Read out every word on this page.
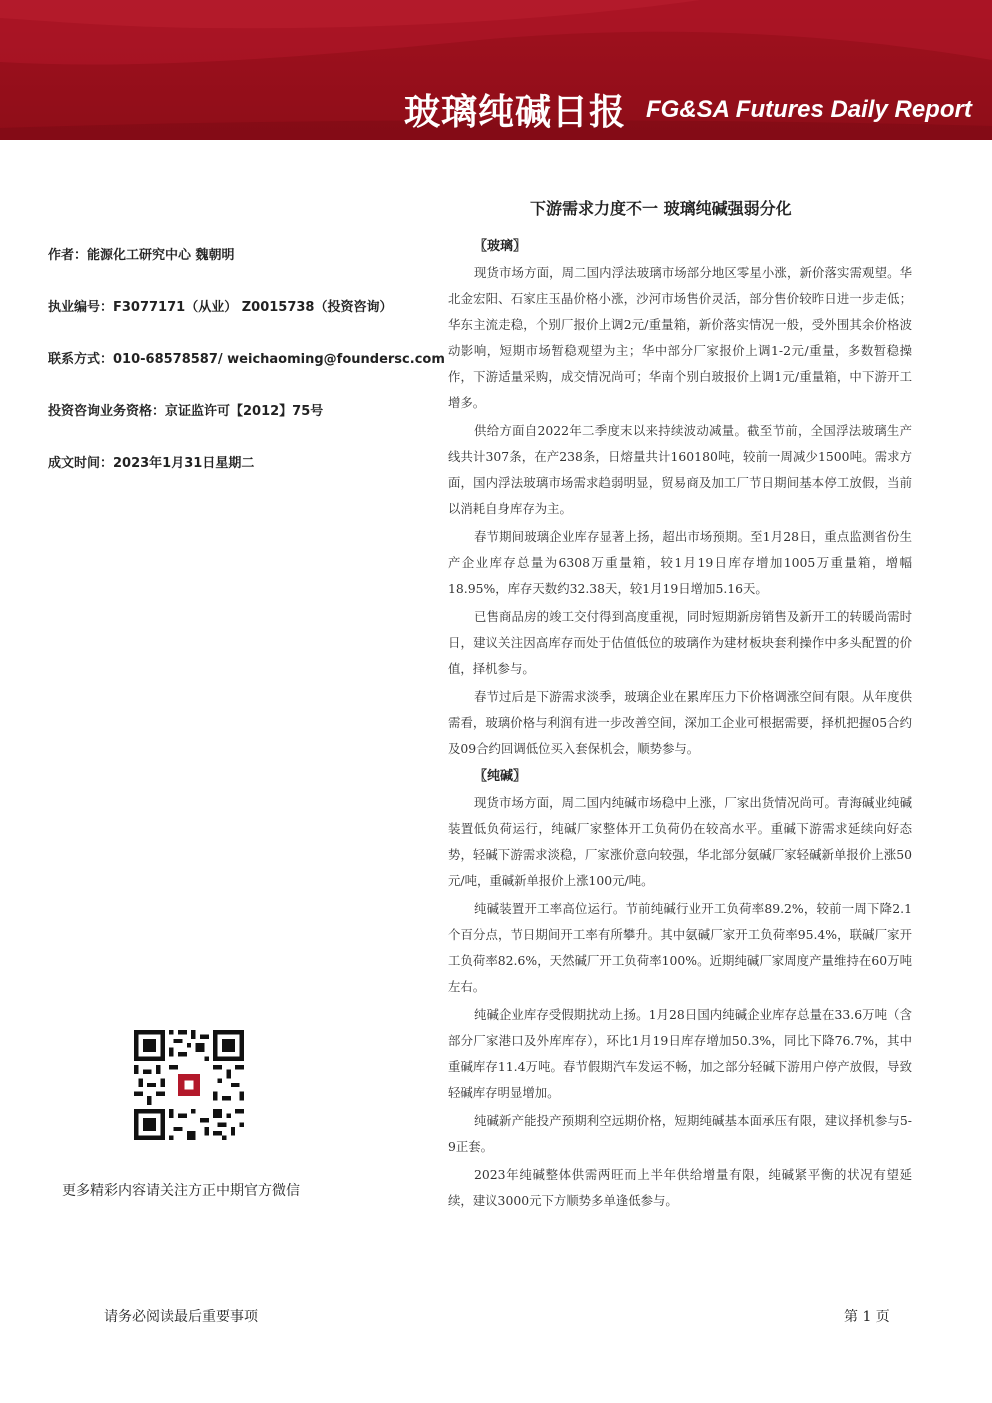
玻璃纯碱日报 FG&SA Futures Daily Report
下游需求力度不一 玻璃纯碱强弱分化
作者：能源化工研究中心 魏朝明
执业编号：F3077171（从业） Z0015738（投资咨询）
联系方式：010-68578587/ weichaoming@foundersc.com
投资咨询业务资格：京证监许可【2012】75号
成文时间：2023年1月31日星期二
〖玻璃〗

现货市场方面，周二国内浮法玻璃市场部分地区零星小涨，新价落实需观望。华北金宏阳、石家庄玉晶价格小涨，沙河市场售价灵活，部分售价较昨日进一步走低；华东主流走稳，个别厂报价上调2元/重量箱，新价落实情况一般，受外围其余价格波动影响，短期市场暂稳观望为主；华中部分厂家报价上调1-2元/重量，多数暂稳操作，下游适量采购，成交情况尚可；华南个别白玻报价上调1元/重量箱，中下游开工增多。

供给方面自2022年二季度末以来持续波动减量。截至节前，全国浮法玻璃生产线共计307条，在产238条，日熔量共计160180吨，较前一周减少1500吨。需求方面，国内浮法玻璃市场需求趋弱明显，贸易商及加工厂节日期间基本停工放假，当前以消耗自身库存为主。

春节期间玻璃企业库存显著上扬，超出市场预期。至1月28日，重点监测省份生产企业库存总量为6308万重量箱，较1月19日库存增加1005万重量箱，增幅18.95%，库存天数约32.38天，较1月19日增加5.16天。

已售商品房的竣工交付得到高度重视，同时短期新房销售及新开工的转暖尚需时日，建议关注因高库存而处于估值低位的玻璃作为建材板块套利操作中多头配置的价值，择机参与。

春节过后是下游需求淡季，玻璃企业在累库压力下价格调涨空间有限。从年度供需看，玻璃价格与利润有进一步改善空间，深加工企业可根据需要，择机把握05合约及09合约回调低位买入套保机会，顺势参与。

〖纯碱〗

现货市场方面，周二国内纯碱市场稳中上涨，厂家出货情况尚可。青海碱业纯碱装置低负荷运行，纯碱厂家整体开工负荷仍在较高水平。重碱下游需求延续向好态势，轻碱下游需求淡稳，厂家涨价意向较强，华北部分氨碱厂家轻碱新单报价上涨50元/吨，重碱新单报价上涨100元/吨。

纯碱装置开工率高位运行。节前纯碱行业开工负荷率89.2%，较前一周下降2.1个百分点，节日期间开工率有所攀升。其中氨碱厂家开工负荷率95.4%，联碱厂家开工负荷率82.6%，天然碱厂开工负荷率100%。近期纯碱厂家周度产量维持在60万吨左右。

纯碱企业库存受假期扰动上扬。1月28日国内纯碱企业库存总量在33.6万吨（含部分厂家港口及外库库存），环比1月19日库存增加50.3%，同比下降76.7%，其中重碱库存11.4万吨。春节假期汽车发运不畅，加之部分轻碱下游用户停产放假，导致轻碱库存明显增加。

纯碱新产能投产预期利空远期价格，短期纯碱基本面承压有限，建议择机参与5-9正套。

2023年纯碱整体供需两旺而上半年供给增量有限，纯碱紧平衡的状况有望延续，建议3000元下方顺势多单逢低参与。

更多精彩内容请关注方正中期官方微信
请务必阅读最后重要事项	第 1 页
